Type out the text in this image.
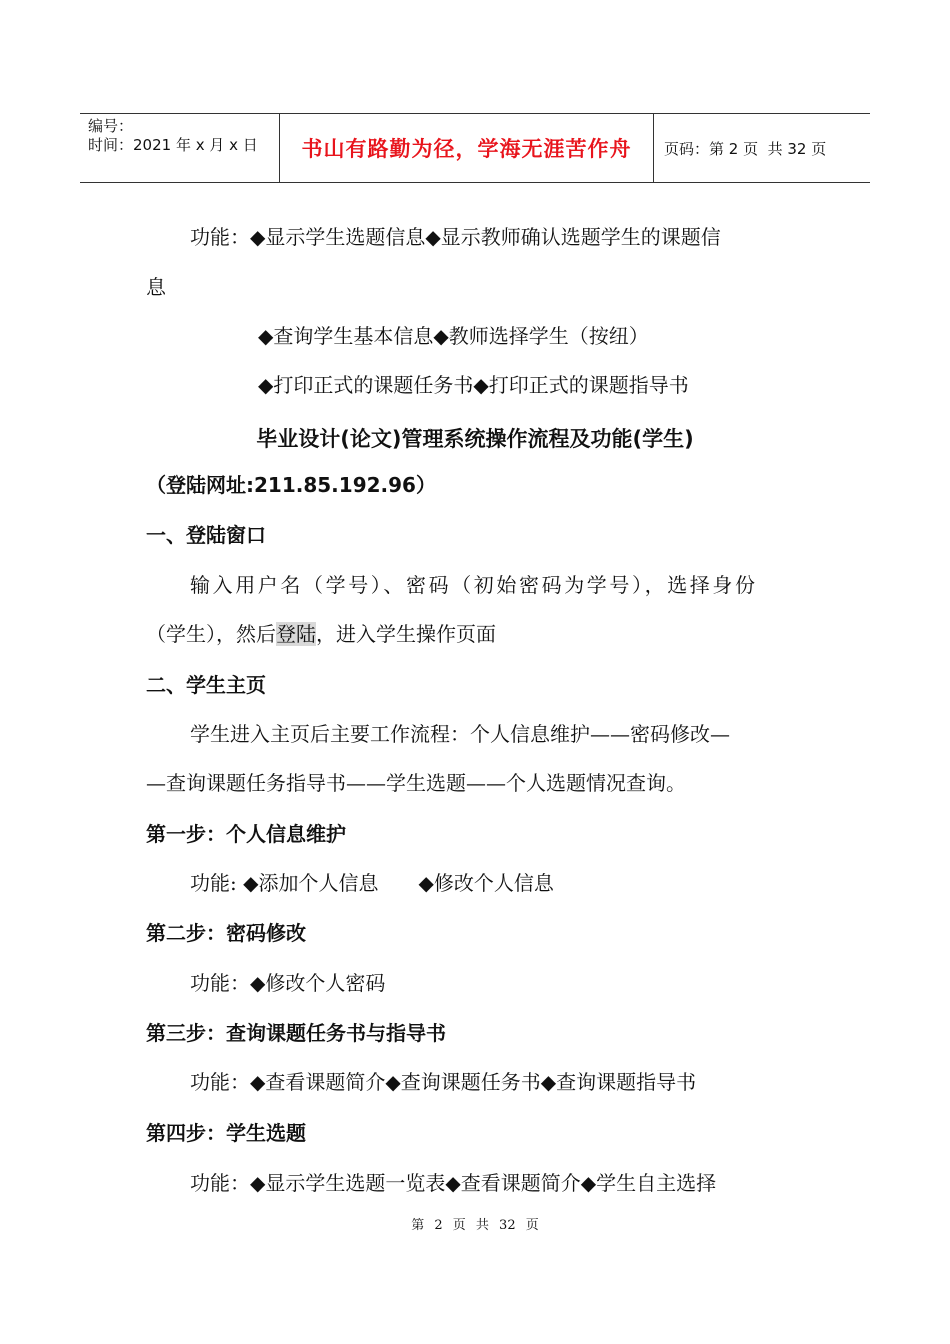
编号：
时间：2021 年 x 月 x 日	书山有路勤为径，学海无涯苦作舟	页码：第 2 页  共 32 页
功能：◆显示学生选题信息◆显示教师确认选题学生的课题信
息
◆查询学生基本信息◆教师选择学生（按纽）
◆打印正式的课题任务书◆打印正式的课题指导书
毕业设计(论文)管理系统操作流程及功能(学生)
（登陆网址:211.85.192.96）
一、登陆窗口
输入用户名（学号）、密码（初始密码为学号），选择身份
（学生），然后登陆，进入学生操作页面
二、学生主页
学生进入主页后主要工作流程：个人信息维护——密码修改—
—查询课题任务指导书——学生选题——个人选题情况查询。
第一步：个人信息维护
功能: ◆添加个人信息　　◆修改个人信息
第二步：密码修改
功能：◆修改个人密码
第三步：查询课题任务书与指导书
功能：◆查看课题简介◆查询课题任务书◆查询课题指导书
第四步：学生选题
功能：◆显示学生选题一览表◆查看课题简介◆学生自主选择
第 2 页 共 32 页
